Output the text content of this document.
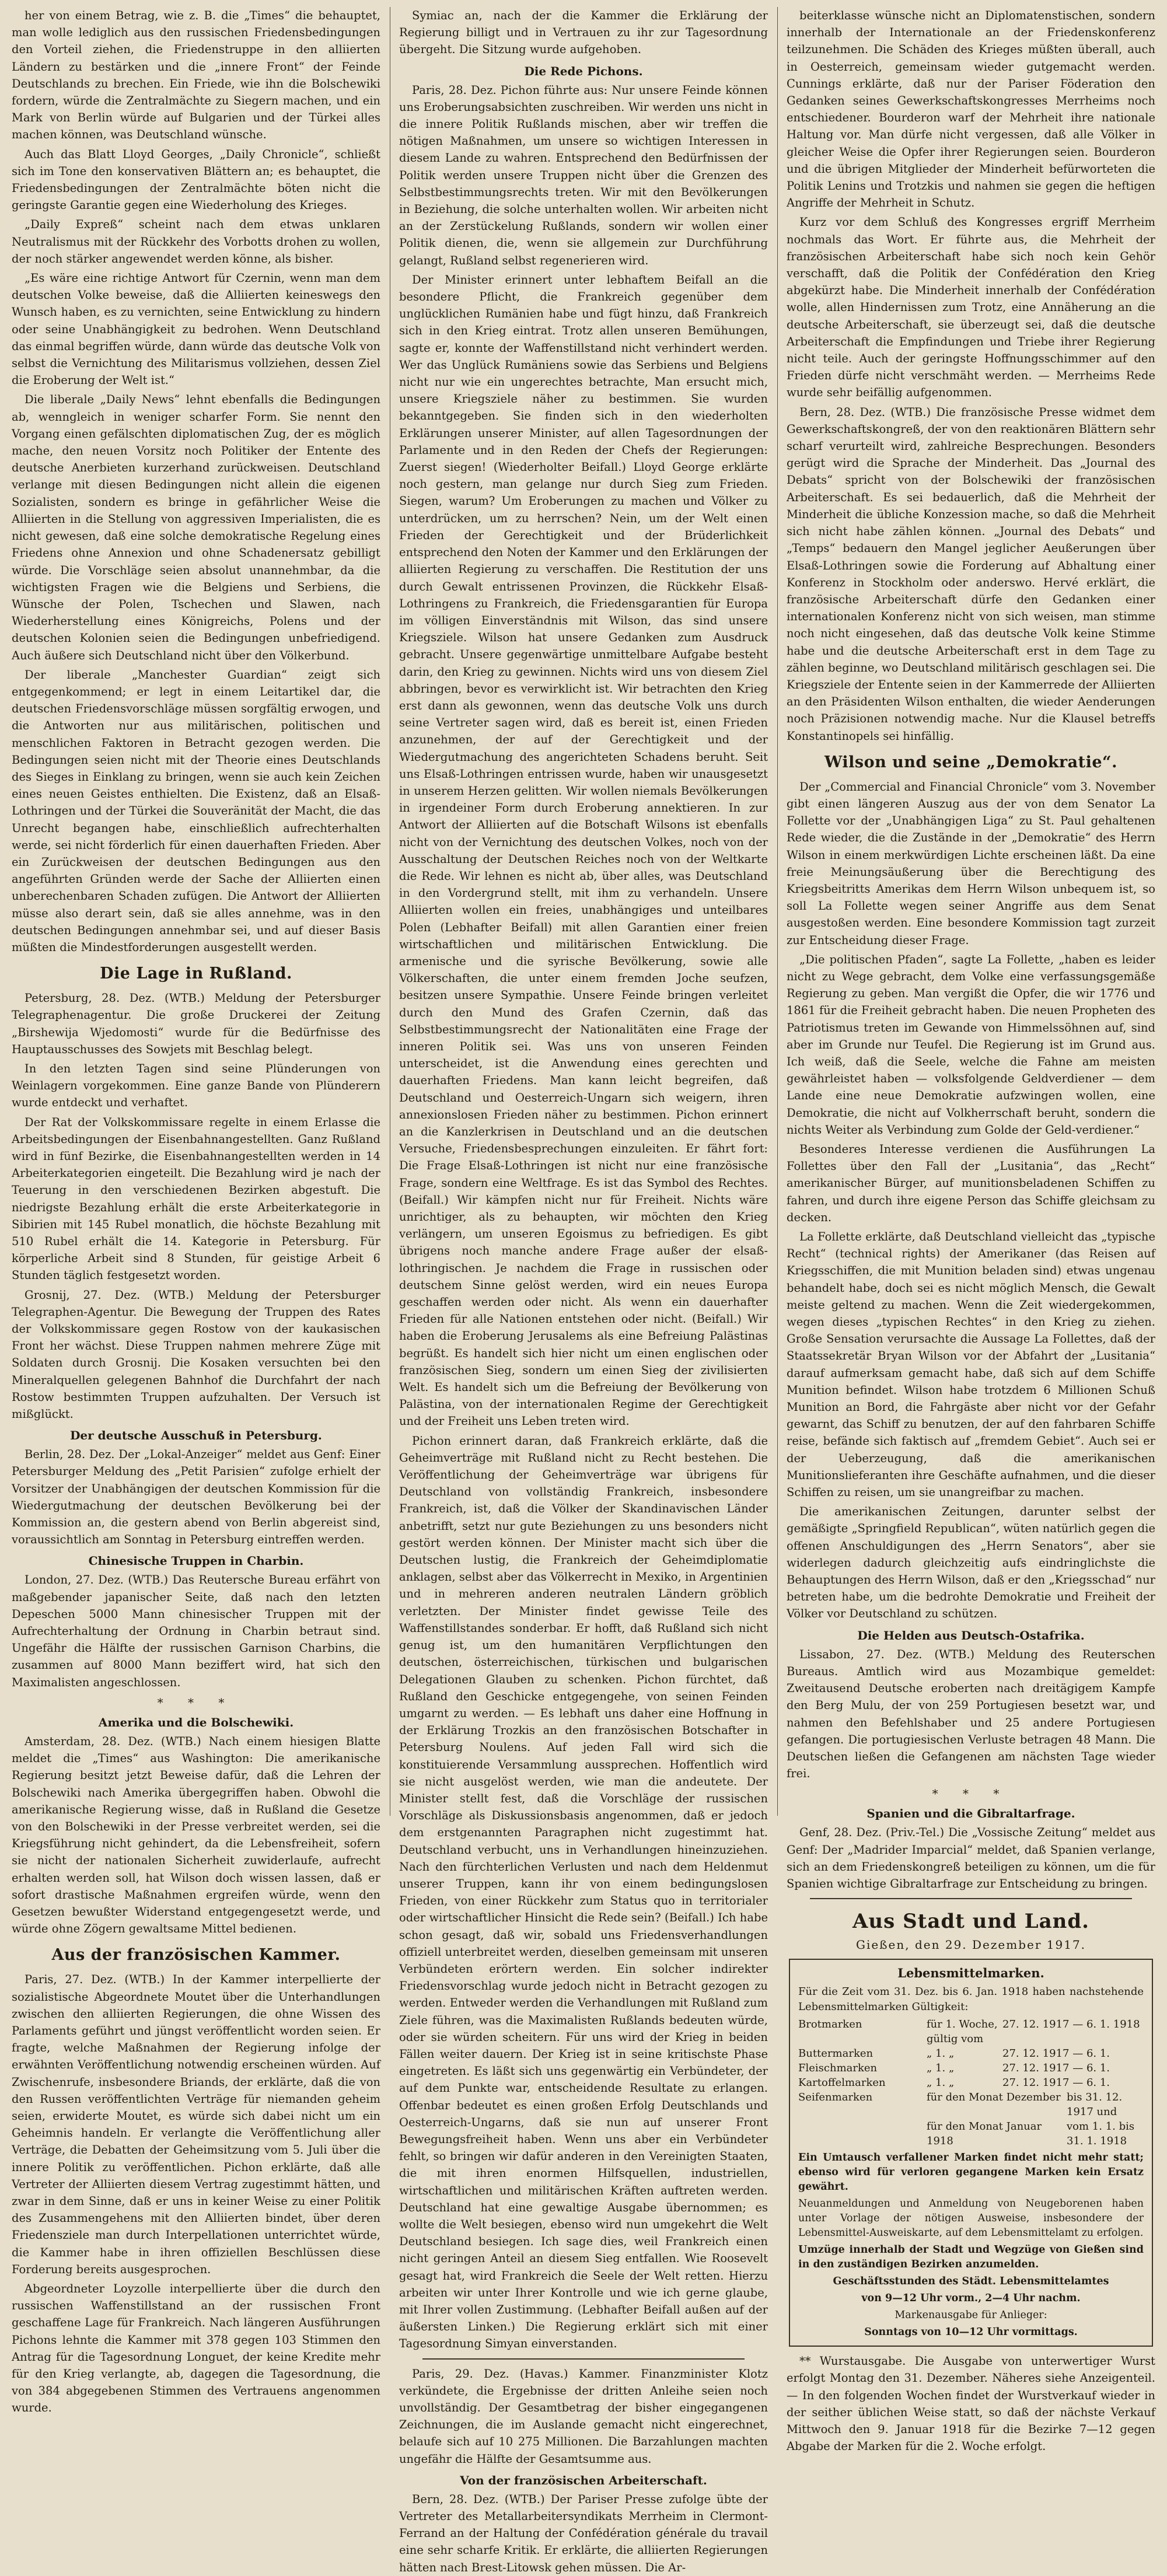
her von einem Betrag, wie z. B. die „Times“ die behauptet, man wolle lediglich aus den russischen Friedensbedingungen den Vorteil ziehen, die Friedenstruppe in den alliierten Ländern zu bestärken und die „innere Front“ der Feinde Deutschlands zu brechen. Ein Friede, wie ihn die Bolschewiki fordern, würde die Zentralmächte zu Siegern machen, und ein Mark von Berlin würde auf Bulgarien und der Türkei alles machen können, was Deutschland wünsche.

Auch das Blatt Lloyd Georges, „Daily Chronicle“, schließt sich im Tone den konservativen Blättern an; es behauptet, die Friedensbedingungen der Zentralmächte böten nicht die geringste Garantie gegen eine Wiederholung des Krieges.

„Daily Expreß“ scheint nach dem etwas unklaren Neutralismus mit der Rückkehr des Vorbotts drohen zu wollen, der noch stärker angewendet werden könne, als bisher.

„Es wäre eine richtige Antwort für Czernin, wenn man dem deutschen Volke beweise, daß die Alliierten keineswegs den Wunsch haben, es zu vernichten, seine Entwicklung zu hindern oder seine Unabhängigkeit zu bedrohen. Wenn Deutschland das einmal begriffen würde, dann würde das deutsche Volk von selbst die Vernichtung des Militarismus vollziehen, dessen Ziel die Eroberung der Welt ist.“

Die liberale „Daily News“ lehnt ebenfalls die Bedingungen ab, wenngleich in weniger scharfer Form. Sie nennt den Vorgang einen gefälschten diplomatischen Zug, der es möglich mache, den neuen Vorsitz noch Politiker der Entente des deutsche Anerbieten kurzerhand zurückweisen. Deutschland verlange mit diesen Bedingungen nicht allein die eigenen Sozialisten, sondern es bringe in gefährlicher Weise die Alliierten in die Stellung von aggressiven Imperialisten, die es nicht gewesen, daß eine solche demokratische Regelung eines Friedens ohne Annexion und ohne Schadenersatz gebilligt würde. Die Vorschläge seien absolut unannehmbar, da die wichtigsten Fragen wie die Belgiens und Serbiens, die Wünsche der Polen, Tschechen und Slawen, nach Wiederherstellung eines Königreichs, Polens und der deutschen Kolonien seien die Bedingungen unbefriedigend. Auch äußere sich Deutschland nicht über den Völkerbund.

Der liberale „Manchester Guardian“ zeigt sich entgegenkommend; er legt in einem Leitartikel dar, die deutschen Friedensvorschläge müssen sorgfältig erwogen, und die Antworten nur aus militärischen, politischen und menschlichen Faktoren in Betracht gezogen werden. Die Bedingungen seien nicht mit der Theorie eines Deutschlands des Sieges in Einklang zu bringen, wenn sie auch kein Zeichen eines neuen Geistes enthielten. Die Existenz, daß an Elsaß-Lothringen und der Türkei die Souveränität der Macht, die das Unrecht begangen habe, einschließlich aufrechterhalten werde, sei nicht förderlich für einen dauerhaften Frieden. Aber ein Zurückweisen der deutschen Bedingungen aus den angeführten Gründen werde der Sache der Alliierten einen unberechenbaren Schaden zufügen. Die Antwort der Alliierten müsse also derart sein, daß sie alles annehme, was in den deutschen Bedingungen annehmbar sei, und auf dieser Basis müßten die Mindestforderungen ausgestellt werden.

Die Lage in Rußland.

Petersburg, 28. Dez. (WTB.) Meldung der Petersburger Telegraphenagentur. Die große Druckerei der Zeitung „Birshewija Wjedomosti“ wurde für die Bedürfnisse des Hauptausschusses des Sowjets mit Beschlag belegt.

In den letzten Tagen sind seine Plünderungen von Weinlagern vorgekommen. Eine ganze Bande von Plünderern wurde entdeckt und verhaftet.

Der Rat der Volkskommissare regelte in einem Erlasse die Arbeitsbedingungen der Eisenbahnangestellten. Ganz Rußland wird in fünf Bezirke, die Eisenbahnangestellten werden in 14 Arbeiterkategorien eingeteilt. Die Bezahlung wird je nach der Teuerung in den verschiedenen Bezirken abgestuft. Die niedrigste Bezahlung erhält die erste Arbeiterkategorie in Sibirien mit 145 Rubel monatlich, die höchste Bezahlung mit 510 Rubel erhält die 14. Kategorie in Petersburg. Für körperliche Arbeit sind 8 Stunden, für geistige Arbeit 6 Stunden täglich festgesetzt worden.

Grosnij, 27. Dez. (WTB.) Meldung der Petersburger Telegraphen-Agentur. Die Bewegung der Truppen des Rates der Volkskommissare gegen Rostow von der kaukasischen Front her wächst. Diese Truppen nahmen mehrere Züge mit Soldaten durch Grosnij. Die Kosaken versuchten bei den Mineralquellen gelegenen Bahnhof die Durchfahrt der nach Rostow bestimmten Truppen aufzuhalten. Der Versuch ist mißglückt.

Der deutsche Ausschuß in Petersburg.

Berlin, 28. Dez. Der „Lokal-Anzeiger“ meldet aus Genf: Einer Petersburger Meldung des „Petit Parisien“ zufolge erhielt der Vorsitzer der Unabhängigen der deutschen Kommission für die Wiedergutmachung der deutschen Bevölkerung bei der Kommission an, die gestern abend von Berlin abgereist sind, voraussichtlich am Sonntag in Petersburg eintreffen werden.

Chinesische Truppen in Charbin.

London, 27. Dez. (WTB.) Das Reutersche Bureau erfährt von maßgebender japanischer Seite, daß nach den letzten Depeschen 5000 Mann chinesischer Truppen mit der Aufrechterhaltung der Ordnung in Charbin betraut sind. Ungefähr die Hälfte der russischen Garnison Charbins, die zusammen auf 8000 Mann beziffert wird, hat sich den Maximalisten angeschlossen.

* * *
Amerika und die Bolschewiki.

Amsterdam, 28. Dez. (WTB.) Nach einem hiesigen Blatte meldet die „Times“ aus Washington: Die amerikanische Regierung besitzt jetzt Beweise dafür, daß die Lehren der Bolschewiki nach Amerika übergegriffen haben. Obwohl die amerikanische Regierung wisse, daß in Rußland die Gesetze von den Bolschewiki in der Presse verbreitet werden, sei die Kriegsführung nicht gehindert, da die Lebensfreiheit, sofern sie nicht der nationalen Sicherheit zuwiderlaufe, aufrecht erhalten werden soll, hat Wilson doch wissen lassen, daß er sofort drastische Maßnahmen ergreifen würde, wenn den Gesetzen bewußter Widerstand entgegengesetzt werde, und würde ohne Zögern gewaltsame Mittel bedienen.

Aus der französischen Kammer.

Paris, 27. Dez. (WTB.) In der Kammer interpellierte der sozialistische Abgeordnete Moutet über die Unterhandlungen zwischen den alliierten Regierungen, die ohne Wissen des Parlaments geführt und jüngst veröffentlicht worden seien. Er fragte, welche Maßnahmen der Regierung infolge der erwähnten Veröffentlichung notwendig erscheinen würden. Auf Zwischenrufe, insbesondere Briands, der erklärte, daß die von den Russen veröffentlichten Verträge für niemanden geheim seien, erwiderte Moutet, es würde sich dabei nicht um ein Geheimnis handeln. Er verlangte die Veröffentlichung aller Verträge, die Debatten der Geheimsitzung vom 5. Juli über die innere Politik zu veröffentlichen. Pichon erklärte, daß alle Vertreter der Alliierten diesem Vertrag zugestimmt hätten, und zwar in dem Sinne, daß er uns in keiner Weise zu einer Politik des Zusammengehens mit den Alliierten bindet, über deren Friedensziele man durch Interpellationen unterrichtet würde, die Kammer habe in ihren offiziellen Beschlüssen diese Forderung bereits ausgesprochen.

Abgeordneter Loyzolle interpellierte über die durch den russischen Waffenstillstand an der russischen Front geschaffene Lage für Frankreich. Nach längeren Ausführungen Pichons lehnte die Kammer mit 378 gegen 103 Stimmen den Antrag für die Tagesordnung Longuet, der keine Kredite mehr für den Krieg verlangte, ab, dagegen die Tagesordnung, die von 384 abgegebenen Stimmen des Vertrauens angenommen wurde.

Symiac an, nach der die Kammer die Erklärung der Regierung billigt und in Vertrauen zu ihr zur Tagesordnung übergeht. Die Sitzung wurde aufgehoben.

Die Rede Pichons.

Paris, 28. Dez. Pichon führte aus: Nur unsere Feinde können uns Eroberungsabsichten zuschreiben. Wir werden uns nicht in die innere Politik Rußlands mischen, aber wir treffen die nötigen Maßnahmen, um unsere so wichtigen Interessen in diesem Lande zu wahren. Entsprechend den Bedürfnissen der Politik werden unsere Truppen nicht über die Grenzen des Selbstbestimmungsrechts treten. Wir mit den Bevölkerungen in Beziehung, die solche unterhalten wollen. Wir arbeiten nicht an der Zerstückelung Rußlands, sondern wir wollen einer Politik dienen, die, wenn sie allgemein zur Durchführung gelangt, Rußland selbst regenerieren wird.

Der Minister erinnert unter lebhaftem Beifall an die besondere Pflicht, die Frankreich gegenüber dem unglücklichen Rumänien habe und fügt hinzu, daß Frankreich sich in den Krieg eintrat. Trotz allen unseren Bemühungen, sagte er, konnte der Waffenstillstand nicht verhindert werden. Wer das Unglück Rumäniens sowie das Serbiens und Belgiens nicht nur wie ein ungerechtes betrachte, Man ersucht mich, unsere Kriegsziele näher zu bestimmen. Sie wurden bekanntgegeben. Sie finden sich in den wiederholten Erklärungen unserer Minister, auf allen Tagesordnungen der Parlamente und in den Reden der Chefs der Regierungen: Zuerst siegen! (Wiederholter Beifall.) Lloyd George erklärte noch gestern, man gelange nur durch Sieg zum Frieden. Siegen, warum? Um Eroberungen zu machen und Völker zu unterdrücken, um zu herrschen? Nein, um der Welt einen Frieden der Gerechtigkeit und der Brüderlichkeit entsprechend den Noten der Kammer und den Erklärungen der alliierten Regierung zu verschaffen. Die Restitution der uns durch Gewalt entrissenen Provinzen, die Rückkehr Elsaß-Lothringens zu Frankreich, die Friedensgarantien für Europa im völligen Einverständnis mit Wilson, das sind unsere Kriegsziele. Wilson hat unsere Gedanken zum Ausdruck gebracht. Unsere gegenwärtige unmittelbare Aufgabe besteht darin, den Krieg zu gewinnen. Nichts wird uns von diesem Ziel abbringen, bevor es verwirklicht ist. Wir betrachten den Krieg erst dann als gewonnen, wenn das deutsche Volk uns durch seine Vertreter sagen wird, daß es bereit ist, einen Frieden anzunehmen, der auf der Gerechtigkeit und der Wiedergutmachung des angerichteten Schadens beruht. Seit uns Elsaß-Lothringen entrissen wurde, haben wir unausgesetzt in unserem Herzen gelitten. Wir wollen niemals Bevölkerungen in irgendeiner Form durch Eroberung annektieren. In zur Antwort der Alliierten auf die Botschaft Wilsons ist ebenfalls nicht von der Vernichtung des deutschen Volkes, noch von der Ausschaltung der Deutschen Reiches noch von der Weltkarte die Rede. Wir lehnen es nicht ab, über alles, was Deutschland in den Vordergrund stellt, mit ihm zu verhandeln. Unsere Alliierten wollen ein freies, unabhängiges und unteilbares Polen (Lebhafter Beifall) mit allen Garantien einer freien wirtschaftlichen und militärischen Entwicklung. Die armenische und die syrische Bevölkerung, sowie alle Völkerschaften, die unter einem fremden Joche seufzen, besitzen unsere Sympathie. Unsere Feinde bringen verleitet durch den Mund des Grafen Czernin, daß das Selbstbestimmungsrecht der Nationalitäten eine Frage der inneren Politik sei. Was uns von unseren Feinden unterscheidet, ist die Anwendung eines gerechten und dauerhaften Friedens. Man kann leicht begreifen, daß Deutschland und Oesterreich-Ungarn sich weigern, ihren annexionslosen Frieden näher zu bestimmen. Pichon erinnert an die Kanzlerkrisen in Deutschland und an die deutschen Versuche, Friedensbesprechungen einzuleiten. Er fährt fort: Die Frage Elsaß-Lothringen ist nicht nur eine französische Frage, sondern eine Weltfrage. Es ist das Symbol des Rechtes. (Beifall.) Wir kämpfen nicht nur für Freiheit. Nichts wäre unrichtiger, als zu behaupten, wir möchten den Krieg verlängern, um unseren Egoismus zu befriedigen. Es gibt übrigens noch manche andere Frage außer der elsaß-lothringischen. Je nachdem die Frage in russischen oder deutschem Sinne gelöst werden, wird ein neues Europa geschaffen werden oder nicht. Als wenn ein dauerhafter Frieden für alle Nationen entstehen oder nicht. (Beifall.) Wir haben die Eroberung Jerusalems als eine Befreiung Palästinas begrüßt. Es handelt sich hier nicht um einen englischen oder französischen Sieg, sondern um einen Sieg der zivilisierten Welt. Es handelt sich um die Befreiung der Bevölkerung von Palästina, von der internationalen Regime der Gerechtigkeit und der Freiheit uns Leben treten wird.

Pichon erinnert daran, daß Frankreich erklärte, daß die Geheimverträge mit Rußland nicht zu Recht bestehen. Die Veröffentlichung der Geheimverträge war übrigens für Deutschland von vollständig Frankreich, insbesondere Frankreich, ist, daß die Völker der Skandinavischen Länder anbetrifft, setzt nur gute Beziehungen zu uns besonders nicht gestört werden können. Der Minister macht sich über die Deutschen lustig, die Frankreich der Geheimdiplomatie anklagen, selbst aber das Völkerrecht in Mexiko, in Argentinien und in mehreren anderen neutralen Ländern gröblich verletzten. Der Minister findet gewisse Teile des Waffenstillstandes sonderbar. Er hofft, daß Rußland sich nicht genug ist, um den humanitären Verpflichtungen den deutschen, österreichischen, türkischen und bulgarischen Delegationen Glauben zu schenken. Pichon fürchtet, daß Rußland den Geschicke entgegengehe, von seinen Feinden umgarnt zu werden. — Es lebhaft uns daher eine Hoffnung in der Erklärung Trozkis an den französischen Botschafter in Petersburg Noulens. Auf jeden Fall wird sich die konstituierende Versammlung aussprechen. Hoffentlich wird sie nicht ausgelöst werden, wie man die andeutete. Der Minister stellt fest, daß die Vorschläge der russischen Vorschläge als Diskussionsbasis angenommen, daß er jedoch dem erstgenannten Paragraphen nicht zugestimmt hat. Deutschland verbucht, uns in Verhandlungen hineinzuziehen. Nach den fürchterlichen Verlusten und nach dem Heldenmut unserer Truppen, kann ihr von einem bedingungslosen Frieden, von einer Rückkehr zum Status quo in territorialer oder wirtschaftlicher Hinsicht die Rede sein? (Beifall.) Ich habe schon gesagt, daß wir, sobald uns Friedensverhandlungen offiziell unterbreitet werden, dieselben gemeinsam mit unseren Verbündeten erörtern werden. Ein solcher indirekter Friedensvorschlag wurde jedoch nicht in Betracht gezogen zu werden. Entweder werden die Verhandlungen mit Rußland zum Ziele führen, was die Maximalisten Rußlands bedeuten würde, oder sie würden scheitern. Für uns wird der Krieg in beiden Fällen weiter dauern. Der Krieg ist in seine kritischste Phase eingetreten. Es läßt sich uns gegenwärtig ein Verbündeter, der auf dem Punkte war, entscheidende Resultate zu erlangen. Offenbar bedeutet es einen großen Erfolg Deutschlands und Oesterreich-Ungarns, daß sie nun auf unserer Front Bewegungsfreiheit haben. Wenn uns aber ein Verbündeter fehlt, so bringen wir dafür anderen in den Vereinigten Staaten, die mit ihren enormen Hilfsquellen, industriellen, wirtschaftlichen und militärischen Kräften auftreten werden. Deutschland hat eine gewaltige Ausgabe übernommen; es wollte die Welt besiegen, ebenso wird nun umgekehrt die Welt Deutschland besiegen. Ich sage dies, weil Frankreich einen nicht geringen Anteil an diesem Sieg entfallen. Wie Roosevelt gesagt hat, wird Frankreich die Seele der Welt retten. Hierzu arbeiten wir unter Ihrer Kontrolle und wie ich gerne glaube, mit Ihrer vollen Zustimmung. (Lebhafter Beifall außen auf der äußersten Linken.) Die Regierung erklärt sich mit einer Tagesordnung Simyan einverstanden.

Paris, 29. Dez. (Havas.) Kammer. Finanzminister Klotz verkündete, die Ergebnisse der dritten Anleihe seien noch unvollständig. Der Gesamtbetrag der bisher eingegangenen Zeichnungen, die im Auslande gemacht nicht eingerechnet, belaufe sich auf 10 275 Millionen. Die Barzahlungen machten ungefähr die Hälfte der Gesamtsumme aus.

Von der französischen Arbeiterschaft.

Bern, 28. Dez. (WTB.) Der Pariser Presse zufolge übte der Vertreter des Metallarbeitersyndikats Merrheim in Clermont-Ferrand an der Haltung der Confédération générale du travail eine sehr scharfe Kritik. Er erklärte, die alliierten Regierungen hätten nach Brest-Litowsk gehen müssen. Die Ar-

beiterklasse wünsche nicht an Diplomatenstischen, sondern innerhalb der Internationale an der Friedenskonferenz teilzunehmen. Die Schäden des Krieges müßten überall, auch in Oesterreich, gemeinsam wieder gutgemacht werden. Cunnings erklärte, daß nur der Pariser Föderation den Gedanken seines Gewerkschaftskongresses Merrheims noch entschiedener. Bourderon warf der Mehrheit ihre nationale Haltung vor. Man dürfe nicht vergessen, daß alle Völker in gleicher Weise die Opfer ihrer Regierungen seien. Bourderon und die übrigen Mitglieder der Minderheit befürworteten die Politik Lenins und Trotzkis und nahmen sie gegen die heftigen Angriffe der Mehrheit in Schutz.

Kurz vor dem Schluß des Kongresses ergriff Merrheim nochmals das Wort. Er führte aus, die Mehrheit der französischen Arbeiterschaft habe sich noch kein Gehör verschafft, daß die Politik der Confédération den Krieg abgekürzt habe. Die Minderheit innerhalb der Confédération wolle, allen Hindernissen zum Trotz, eine Annäherung an die deutsche Arbeiterschaft, sie überzeugt sei, daß die deutsche Arbeiterschaft die Empfindungen und Triebe ihrer Regierung nicht teile. Auch der geringste Hoffnungsschimmer auf den Frieden dürfe nicht verschmäht werden. — Merrheims Rede wurde sehr beifällig aufgenommen.

Bern, 28. Dez. (WTB.) Die französische Presse widmet dem Gewerkschaftskongreß, der von den reaktionären Blättern sehr scharf verurteilt wird, zahlreiche Besprechungen. Besonders gerügt wird die Sprache der Minderheit. Das „Journal des Debats“ spricht von der Bolschewiki der französischen Arbeiterschaft. Es sei bedauerlich, daß die Mehrheit der Minderheit die übliche Konzession mache, so daß die Mehrheit sich nicht habe zählen können. „Journal des Debats“ und „Temps“ bedauern den Mangel jeglicher Aeußerungen über Elsaß-Lothringen sowie die Forderung auf Abhaltung einer Konferenz in Stockholm oder anderswo. Hervé erklärt, die französische Arbeiterschaft dürfe den Gedanken einer internationalen Konferenz nicht von sich weisen, man stimme noch nicht eingesehen, daß das deutsche Volk keine Stimme habe und die deutsche Arbeiterschaft erst in dem Tage zu zählen beginne, wo Deutschland militärisch geschlagen sei. Die Kriegsziele der Entente seien in der Kammerrede der Alliierten an den Präsidenten Wilson enthalten, die wieder Aenderungen noch Präzisionen notwendig mache. Nur die Klausel betreffs Konstantinopels sei hinfällig.

Wilson und seine „Demokratie“.

Der „Commercial and Financial Chronicle“ vom 3. November gibt einen längeren Auszug aus der von dem Senator La Follette vor der „Unabhängigen Liga“ zu St. Paul gehaltenen Rede wieder, die die Zustände in der „Demokratie“ des Herrn Wilson in einem merkwürdigen Lichte erscheinen läßt. Da eine freie Meinungsäußerung über die Berechtigung des Kriegsbeitritts Amerikas dem Herrn Wilson unbequem ist, so soll La Follette wegen seiner Angriffe aus dem Senat ausgestoßen werden. Eine besondere Kommission tagt zurzeit zur Entscheidung dieser Frage.

„Die politischen Pfaden“, sagte La Follette, „haben es leider nicht zu Wege gebracht, dem Volke eine verfassungsgemäße Regierung zu geben. Man vergißt die Opfer, die wir 1776 und 1861 für die Freiheit gebracht haben. Die neuen Propheten des Patriotismus treten im Gewande von Himmelssöhnen auf, sind aber im Grunde nur Teufel. Die Regierung ist im Grund aus. Ich weiß, daß die Seele, welche die Fahne am meisten gewährleistet haben — volksfolgende Geldverdiener — dem Lande eine neue Demokratie aufzwingen wollen, eine Demokratie, die nicht auf Volkherrschaft beruht, sondern die nichts Weiter als Verbindung zum Golde der Geld-verdiener.“

Besonderes Interesse verdienen die Ausführungen La Follettes über den Fall der „Lusitania“, das „Recht“ amerikanischer Bürger, auf munitionsbeladenen Schiffen zu fahren, und durch ihre eigene Person das Schiffe gleichsam zu decken.

La Follette erklärte, daß Deutschland vielleicht das „typische Recht“ (technical rights) der Amerikaner (das Reisen auf Kriegsschiffen, die mit Munition beladen sind) etwas ungenau behandelt habe, doch sei es nicht möglich Mensch, die Gewalt meiste geltend zu machen. Wenn die Zeit wiedergekommen, wegen dieses „typischen Rechtes“ in den Krieg zu ziehen. Große Sensation verursachte die Aussage La Follettes, daß der Staatssekretär Bryan Wilson vor der Abfahrt der „Lusitania“ darauf aufmerksam gemacht habe, daß sich auf dem Schiffe Munition befindet. Wilson habe trotzdem 6 Millionen Schuß Munition an Bord, die Fahrgäste aber nicht vor der Gefahr gewarnt, das Schiff zu benutzen, der auf den fahrbaren Schiffe reise, befände sich faktisch auf „fremdem Gebiet“. Auch sei er der Ueberzeugung, daß die amerikanischen Munitionslieferanten ihre Geschäfte aufnahmen, und die dieser Schiffen zu reisen, um sie unangreifbar zu machen.

Die amerikanischen Zeitungen, darunter selbst der gemäßigte „Springfield Republican“, wüten natürlich gegen die offenen Anschuldigungen des „Herrn Senators“, aber sie widerlegen dadurch gleichzeitig aufs eindringlichste die Behauptungen des Herrn Wilson, daß er den „Kriegsschad“ nur betreten habe, um die bedrohte Demokratie und Freiheit der Völker vor Deutschland zu schützen.

Die Helden aus Deutsch-Ostafrika.

Lissabon, 27. Dez. (WTB.) Meldung des Reuterschen Bureaus. Amtlich wird aus Mozambique gemeldet: Zweitausend Deutsche eroberten nach dreitägigem Kampfe den Berg Mulu, der von 259 Portugiesen besetzt war, und nahmen den Befehlshaber und 25 andere Portugiesen gefangen. Die portugiesischen Verluste betragen 48 Mann. Die Deutschen ließen die Gefangenen am nächsten Tage wieder frei.

* * *
Spanien und die Gibraltarfrage.

Genf, 28. Dez. (Priv.-Tel.) Die „Vossische Zeitung“ meldet aus Genf: Der „Madrider Imparcial“ meldet, daß Spanien verlange, sich an dem Friedenskongreß beteiligen zu können, um die für Spanien wichtige Gibraltarfrage zur Entscheidung zu bringen.

Aus Stadt und Land.
Gießen, den 29. Dezember 1917.
Lebensmittelmarken.
Für die Zeit vom 31. Dez. bis 6. Jan. 1918 haben nachstehende Lebensmittelmarken Gültigkeit:
Brotmarken	für 1. Woche, gültig vom
27. 12. 1917 — 6. 1. 1918
Buttermarken	„ 1. „	27. 12. 1917 — 6. 1.
Fleischmarken	„ 1. „	27. 12. 1917 — 6. 1.
Kartoffelmarken	„ 1. „	27. 12. 1917 — 6. 1.
Seifenmarken	für den Monat Dezember bis 31. 12. 1917 und
für den Monat Januar 1918
vom 1. 1. bis 31. 1. 1918
Ein Umtausch verfallener Marken findet nicht mehr statt; ebenso wird für verloren gegangene Marken kein Ersatz gewährt.
Neuanmeldungen und Anmeldung von Neugeborenen haben unter Vorlage der nötigen Ausweise, insbesondere der Lebensmittel-Ausweiskarte, auf dem Lebensmittelamt zu erfolgen.
Umzüge innerhalb der Stadt und Wegzüge von Gießen sind in den zuständigen Bezirken anzumelden.
Geschäftsstunden des Städt. Lebensmittelamtes
von 9—12 Uhr vorm., 2—4 Uhr nachm.
Markenausgabe für Anlieger:
Sonntags von 10—12 Uhr vormittags.

** Wurstausgabe. Die Ausgabe von unterwertiger Wurst erfolgt Montag den 31. Dezember. Näheres siehe Anzeigenteil. — In den folgenden Wochen findet der Wurstverkauf wieder in der seither üblichen Weise statt, so daß der nächste Verkauf Mittwoch den 9. Januar 1918 für die Bezirke 7—12 gegen Abgabe der Marken für die 2. Woche erfolgt.
